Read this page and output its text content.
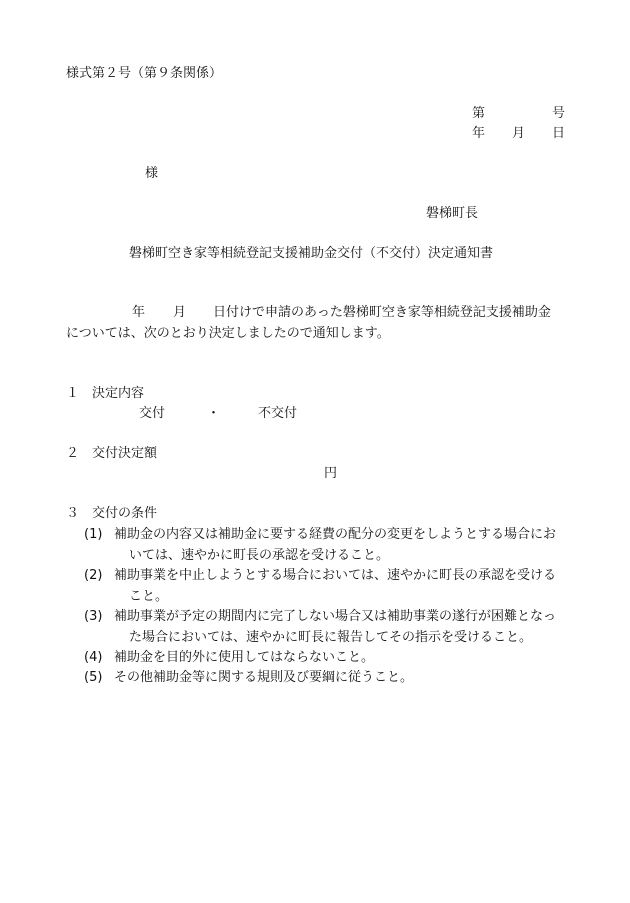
様式第２号（第９条関係）
第	号
年 月 日
様
磐梯町長
磐梯町空き家等相続登記支援補助金交付（不交付）決定通知書
年 月 日付けで申請のあった磐梯町空き家等相続登記支援補助金
については、次のとおり決定しましたので通知します。
１ 決定内容
交付	・	不交付
２ 交付決定額
円
３ 交付の条件
(1) 補助金の内容又は補助金に要する経費の配分の変更をしようとする場合にお
いては、速やかに町長の承認を受けること。
(2) 補助事業を中止しようとする場合においては、速やかに町長の承認を受ける
こと。
(3) 補助事業が予定の期間内に完了しない場合又は補助事業の遂行が困難となっ
た場合においては、速やかに町長に報告してその指示を受けること。
(4) 補助金を目的外に使用してはならないこと。
(5) その他補助金等に関する規則及び要綱に従うこと。
